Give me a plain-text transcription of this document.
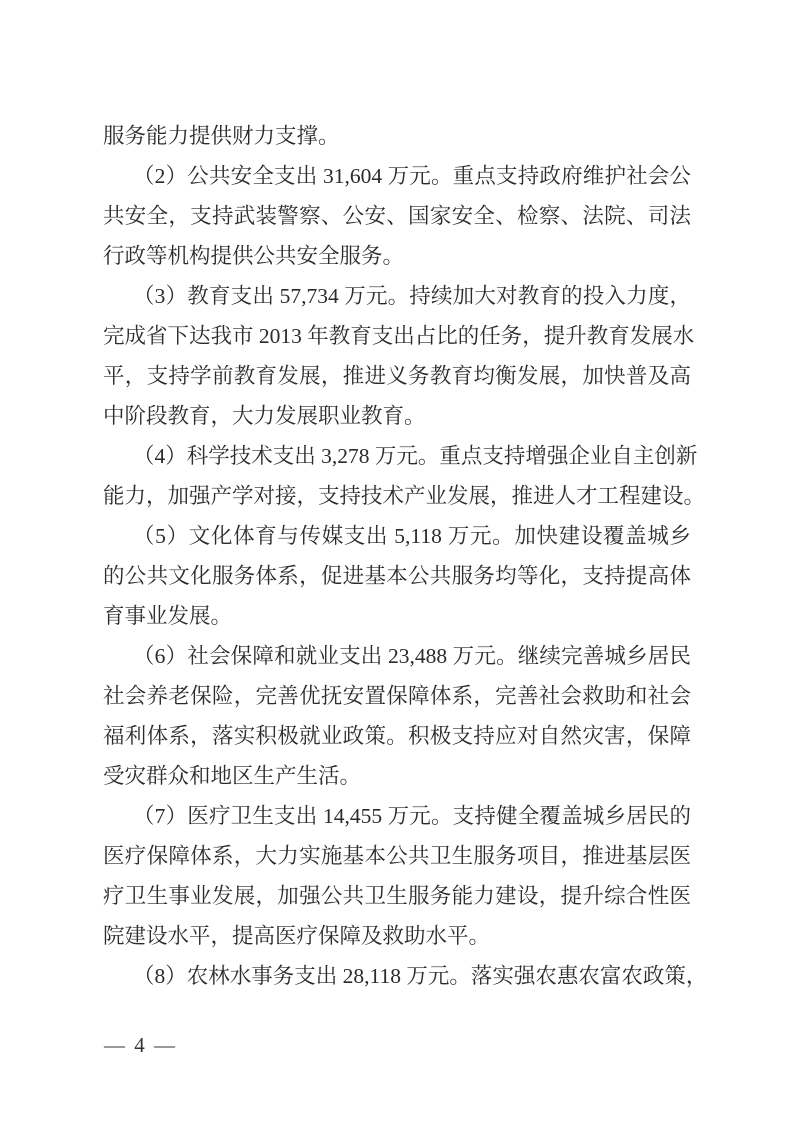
服务能力提供财力支撑。
（2）公共安全支出 31,604 万元。重点支持政府维护社会公
共安全，支持武装警察、公安、国家安全、检察、法院、司法
行政等机构提供公共安全服务。
（3）教育支出 57,734 万元。持续加大对教育的投入力度，
完成省下达我市 2013 年教育支出占比的任务，提升教育发展水
平，支持学前教育发展，推进义务教育均衡发展，加快普及高
中阶段教育，大力发展职业教育。
（4）科学技术支出 3,278 万元。重点支持增强企业自主创新
能力，加强产学对接，支持技术产业发展，推进人才工程建设。
（5）文化体育与传媒支出 5,118 万元。加快建设覆盖城乡
的公共文化服务体系，促进基本公共服务均等化，支持提高体
育事业发展。
（6）社会保障和就业支出 23,488 万元。继续完善城乡居民
社会养老保险，完善优抚安置保障体系，完善社会救助和社会
福利体系，落实积极就业政策。积极支持应对自然灾害，保障
受灾群众和地区生产生活。
（7）医疗卫生支出 14,455 万元。支持健全覆盖城乡居民的
医疗保障体系，大力实施基本公共卫生服务项目，推进基层医
疗卫生事业发展，加强公共卫生服务能力建设，提升综合性医
院建设水平，提高医疗保障及救助水平。
（8）农林水事务支出 28,118 万元。落实强农惠农富农政策，
— 4 —
